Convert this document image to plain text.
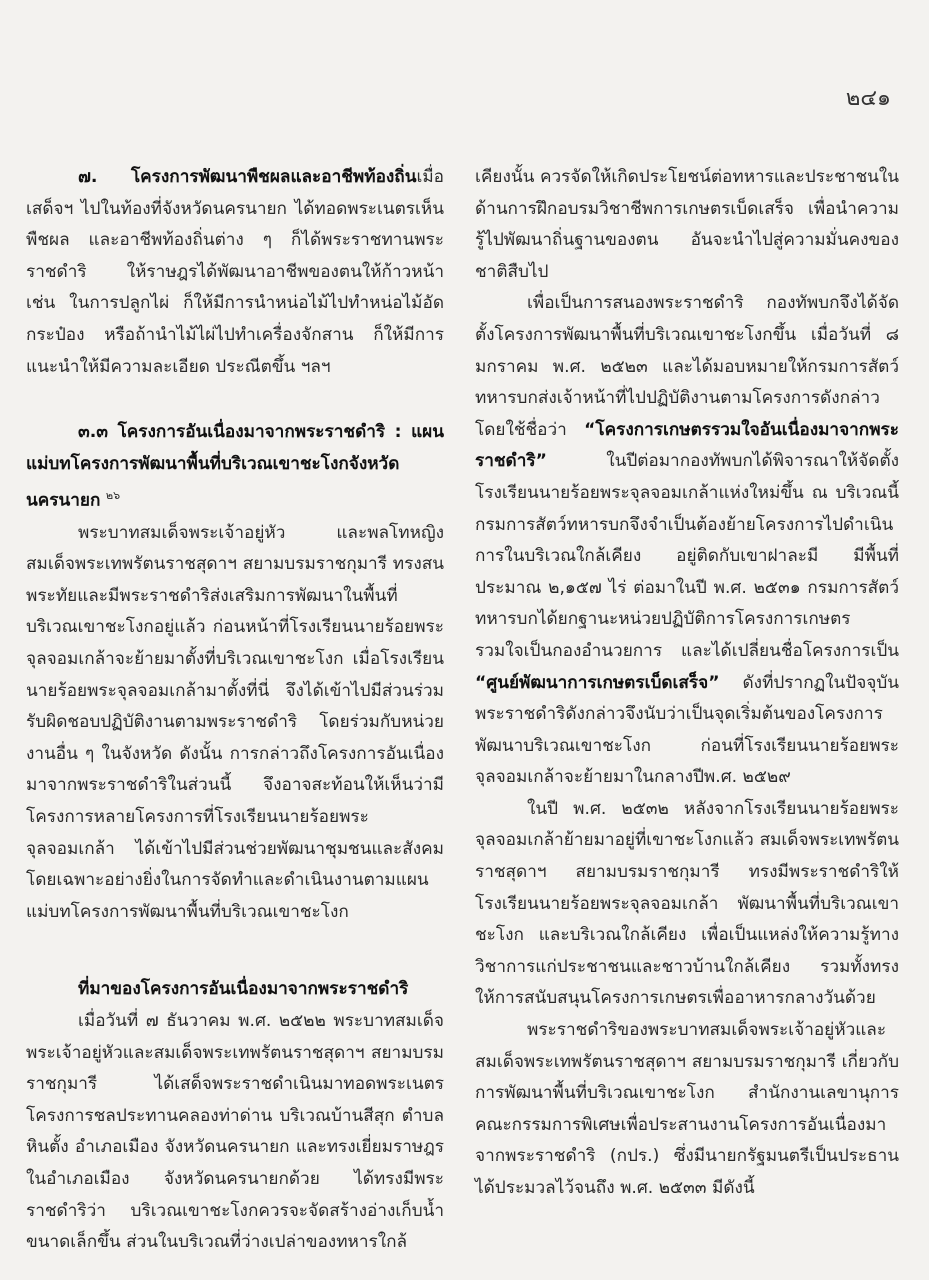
๒๔๑

๗. โครงการพัฒนาพืชผลและอาชีพท้องถิ่นเมื่อเสด็จฯ ไปในท้องที่จังหวัดนครนายก ได้ทอดพระเนตรเห็นพืชผล และอาชีพท้องถิ่นต่าง ๆ ก็ได้พระราชทานพระราชดำริ ให้ราษฎรได้พัฒนาอาชีพของตนให้ก้าวหน้า เช่น ในการปลูกไผ่ ก็ให้มีการนำหน่อไม้ไปทำหน่อไม้อัดกระป๋อง หรือถ้านำไม้ไผ่ไปทำเครื่องจักสาน ก็ให้มีการแนะนำให้มีความละเอียด ประณีตขึ้น ฯลฯ

๓.๓ โครงการอันเนื่องมาจากพระราชดำริ : แผนแม่บทโครงการพัฒนาพื้นที่บริเวณเขาชะโงกจังหวัดนครนายก $^{๒๖}$

พระบาทสมเด็จพระเจ้าอยู่หัว และพลโทหญิง สมเด็จพระเทพรัตนราชสุดาฯ สยามบรมราชกุมารี ทรงสนพระทัยและมีพระราชดำริส่งเสริมการพัฒนาในพื้นที่บริเวณเขาชะโงกอยู่แล้ว ก่อนหน้าที่โรงเรียนนายร้อยพระจุลจอมเกล้าจะย้ายมาตั้งที่บริเวณเขาชะโงก เมื่อโรงเรียนนายร้อยพระจุลจอมเกล้ามาตั้งที่นี่ จึงได้เข้าไปมีส่วนร่วมรับผิดชอบปฏิบัติงานตามพระราชดำริ โดยร่วมกับหน่วยงานอื่น ๆ ในจังหวัด ดังนั้น การกล่าวถึงโครงการอันเนื่องมาจากพระราชดำริในส่วนนี้ จึงอาจสะท้อนให้เห็นว่ามีโครงการหลายโครงการที่โรงเรียนนายร้อยพระจุลจอมเกล้า ได้เข้าไปมีส่วนช่วยพัฒนาชุมชนและสังคม โดยเฉพาะอย่างยิ่งในการจัดทำและดำเนินงานตามแผนแม่บทโครงการพัฒนาพื้นที่บริเวณเขาชะโงก

ที่มาของโครงการอันเนื่องมาจากพระราชดำริ

เมื่อวันที่ ๗ ธันวาคม พ.ศ. ๒๕๒๒ พระบาทสมเด็จพระเจ้าอยู่หัวและสมเด็จพระเทพรัตนราชสุดาฯ สยามบรมราชกุมารี ได้เสด็จพระราชดำเนินมาทอดพระเนตรโครงการชลประทานคลองท่าด่าน บริเวณบ้านสีสุก ตำบลหินตั้ง อำเภอเมือง จังหวัดนครนายก และทรงเยี่ยมราษฎรในอำเภอเมือง จังหวัดนครนายกด้วย ได้ทรงมีพระราชดำริว่า บริเวณเขาชะโงกควรจะจัดสร้างอ่างเก็บน้ำขนาดเล็กขึ้น ส่วนในบริเวณที่ว่างเปล่าของทหารใกล้

เคียงนั้น ควรจัดให้เกิดประโยชน์ต่อทหารและประชาชนในด้านการฝึกอบรมวิชาชีพการเกษตรเบ็ดเสร็จ เพื่อนำความรู้ไปพัฒนาถิ่นฐานของตน อันจะนำไปสู่ความมั่นคงของชาติสืบไป

เพื่อเป็นการสนองพระราชดำริ กองทัพบกจึงได้จัดตั้งโครงการพัฒนาพื้นที่บริเวณเขาชะโงกขึ้น เมื่อวันที่ ๘ มกราคม พ.ศ. ๒๕๒๓ และได้มอบหมายให้กรมการสัตว์ทหารบกส่งเจ้าหน้าที่ไปปฏิบัติงานตามโครงการดังกล่าว โดยใช้ชื่อว่า “โครงการเกษตรรวมใจอันเนื่องมาจากพระราชดำริ”	ในปีต่อมากองทัพบกได้พิจารณาให้จัดตั้งโรงเรียนนายร้อยพระจุลจอมเกล้าแห่งใหม่ขึ้น ณ บริเวณนี้ กรมการสัตว์ทหารบกจึงจำเป็นต้องย้ายโครงการไปดำเนินการในบริเวณใกล้เคียง อยู่ติดกับเขาฝาละมี มีพื้นที่ประมาณ ๒,๑๕๗ ไร่ ต่อมาในปี พ.ศ. ๒๕๓๑ กรมการสัตว์ทหารบกได้ยกฐานะหน่วยปฏิบัติการโครงการเกษตรรวมใจเป็นกองอำนวยการ และได้เปลี่ยนชื่อโครงการเป็น “ศูนย์พัฒนาการเกษตรเบ็ดเสร็จ” ดังที่ปรากฏในปัจจุบัน พระราชดำริดังกล่าวจึงนับว่าเป็นจุดเริ่มต้นของโครงการพัฒนาบริเวณเขาชะโงก ก่อนที่โรงเรียนนายร้อยพระจุลจอมเกล้าจะย้ายมาในกลางปีพ.ศ. ๒๕๒๙

ในปี พ.ศ. ๒๕๓๒ หลังจากโรงเรียนนายร้อยพระจุลจอมเกล้าย้ายมาอยู่ที่เขาชะโงกแล้ว สมเด็จพระเทพรัตนราชสุดาฯ สยามบรมราชกุมารี ทรงมีพระราชดำริให้โรงเรียนนายร้อยพระจุลจอมเกล้า พัฒนาพื้นที่บริเวณเขาชะโงก และบริเวณใกล้เคียง เพื่อเป็นแหล่งให้ความรู้ทางวิชาการแก่ประชาชนและชาวบ้านใกล้เคียง รวมทั้งทรงให้การสนับสนุนโครงการเกษตรเพื่ออาหารกลางวันด้วย

พระราชดำริของพระบาทสมเด็จพระเจ้าอยู่หัวและสมเด็จพระเทพรัตนราชสุดาฯ สยามบรมราชกุมารี เกี่ยวกับการพัฒนาพื้นที่บริเวณเขาชะโงก สำนักงานเลขานุการคณะกรรมการพิเศษเพื่อประสานงานโครงการอันเนื่องมาจากพระราชดำริ (กปร.) ซึ่งมีนายกรัฐมนตรีเป็นประธาน ได้ประมวลไว้จนถึง พ.ศ. ๒๕๓๓ มีดังนี้
